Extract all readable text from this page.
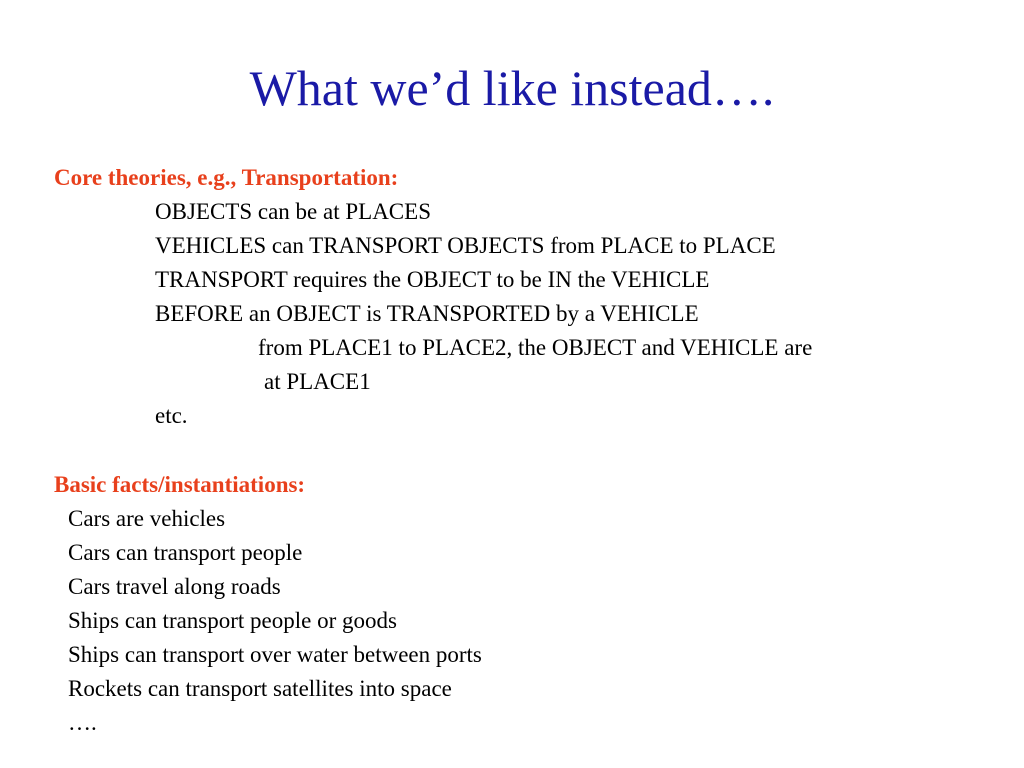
What we’d like instead….
Core theories, e.g., Transportation:
OBJECTS can be at PLACES
VEHICLES can TRANSPORT OBJECTS from PLACE to PLACE
TRANSPORT requires the OBJECT to be IN the VEHICLE
BEFORE an OBJECT is TRANSPORTED by a VEHICLE
from PLACE1 to PLACE2, the OBJECT and VEHICLE are
at PLACE1
etc.
Basic facts/instantiations:
Cars are vehicles
Cars can transport people
Cars travel along roads
Ships can transport people or goods
Ships can transport over water between ports
Rockets can transport satellites into space
….
